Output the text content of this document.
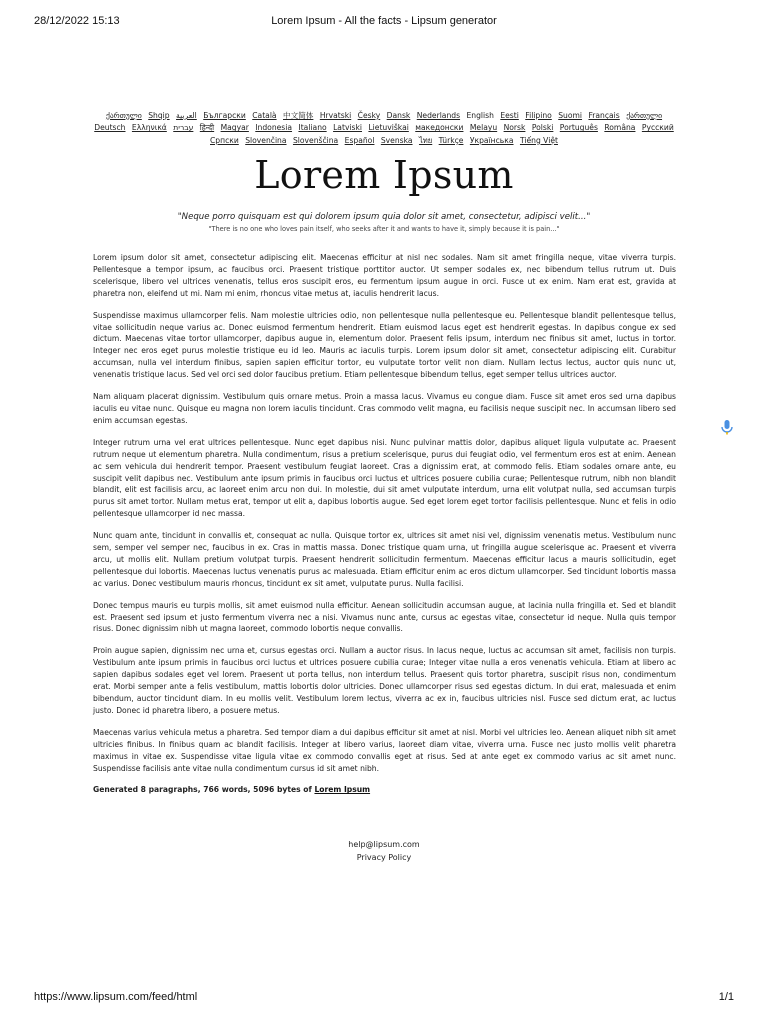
28/12/2022 15:13	Lorem Ipsum - All the facts - Lipsum generator
ქართული Shqip العربية Български Català 中文简体 Hrvatski Česky Dansk Nederlands English Eesti Filipino Suomi Français ქართული Deutsch Ελληνικά עברית हिन्दी Magyar Indonesia Italiano Latviski Lietuviškai македонски Melayu Norsk Polski Português Româna Pyccкий Српски Slovenčina Slovenščina Español Svenska ไทย Türkçe Українська Tiếng Việt
Lorem Ipsum
"Neque porro quisquam est qui dolorem ipsum quia dolor sit amet, consectetur, adipisci velit..."
"There is no one who loves pain itself, who seeks after it and wants to have it, simply because it is pain..."

Lorem ipsum dolor sit amet, consectetur adipiscing elit. Maecenas efficitur at nisl nec sodales. Nam sit amet fringilla neque, vitae viverra turpis. Pellentesque a tempor ipsum, ac faucibus orci. Praesent tristique porttitor auctor. Ut semper sodales ex, nec bibendum tellus rutrum ut. Duis scelerisque, libero vel ultrices venenatis, tellus eros suscipit eros, eu fermentum ipsum augue in orci. Fusce ut ex enim. Nam erat est, gravida at pharetra non, eleifend ut mi. Nam mi enim, rhoncus vitae metus at, iaculis hendrerit lacus.

Suspendisse maximus ullamcorper felis. Nam molestie ultricies odio, non pellentesque nulla pellentesque eu. Pellentesque blandit pellentesque tellus, vitae sollicitudin neque varius ac. Donec euismod fermentum hendrerit. Etiam euismod lacus eget est hendrerit egestas. In dapibus congue ex sed dictum. Maecenas vitae tortor ullamcorper, dapibus augue in, elementum dolor. Praesent felis ipsum, interdum nec finibus sit amet, luctus in tortor. Integer nec eros eget purus molestie tristique eu id leo. Mauris ac iaculis turpis. Lorem ipsum dolor sit amet, consectetur adipiscing elit. Curabitur accumsan, nulla vel interdum finibus, sapien sapien efficitur tortor, eu vulputate tortor velit non diam. Nullam lectus lectus, auctor quis nunc ut, venenatis tristique lacus. Sed vel orci sed dolor faucibus pretium. Etiam pellentesque bibendum tellus, eget semper tellus ultrices auctor.

Nam aliquam placerat dignissim. Vestibulum quis ornare metus. Proin a massa lacus. Vivamus eu congue diam. Fusce sit amet eros sed urna dapibus iaculis eu vitae nunc. Quisque eu magna non lorem iaculis tincidunt. Cras commodo velit magna, eu facilisis neque suscipit nec. In accumsan libero sed enim accumsan egestas.

Integer rutrum urna vel erat ultrices pellentesque. Nunc eget dapibus nisi. Nunc pulvinar mattis dolor, dapibus aliquet ligula vulputate ac. Praesent rutrum neque ut elementum pharetra. Nulla condimentum, risus a pretium scelerisque, purus dui feugiat odio, vel fermentum eros est at enim. Aenean ac sem vehicula dui hendrerit tempor. Praesent vestibulum feugiat laoreet. Cras a dignissim erat, at commodo felis. Etiam sodales ornare ante, eu suscipit velit dapibus nec. Vestibulum ante ipsum primis in faucibus orci luctus et ultrices posuere cubilia curae; Pellentesque rutrum, nibh non blandit blandit, elit est facilisis arcu, ac laoreet enim arcu non dui. In molestie, dui sit amet vulputate interdum, urna elit volutpat nulla, sed accumsan turpis purus sit amet tortor. Nullam metus erat, tempor ut elit a, dapibus lobortis augue. Sed eget lorem eget tortor facilisis pellentesque. Nunc et felis in odio pellentesque ullamcorper id nec massa.

Nunc quam ante, tincidunt in convallis et, consequat ac nulla. Quisque tortor ex, ultrices sit amet nisi vel, dignissim venenatis metus. Vestibulum nunc sem, semper vel semper nec, faucibus in ex. Cras in mattis massa. Donec tristique quam urna, ut fringilla augue scelerisque ac. Praesent et viverra arcu, ut mollis elit. Nullam pretium volutpat turpis. Praesent hendrerit sollicitudin fermentum. Maecenas efficitur lacus a mauris sollicitudin, eget pellentesque dui lobortis. Maecenas luctus venenatis purus ac malesuada. Etiam efficitur enim ac eros dictum ullamcorper. Sed tincidunt lobortis massa ac varius. Donec vestibulum mauris rhoncus, tincidunt ex sit amet, vulputate purus. Nulla facilisi.

Donec tempus mauris eu turpis mollis, sit amet euismod nulla efficitur. Aenean sollicitudin accumsan augue, at lacinia nulla fringilla et. Sed et blandit est. Praesent sed ipsum et justo fermentum viverra nec a nisi. Vivamus nunc ante, cursus ac egestas vitae, consectetur id neque. Nulla quis tempor risus. Donec dignissim nibh ut magna laoreet, commodo lobortis neque convallis.

Proin augue sapien, dignissim nec urna et, cursus egestas orci. Nullam a auctor risus. In lacus neque, luctus ac accumsan sit amet, facilisis non turpis. Vestibulum ante ipsum primis in faucibus orci luctus et ultrices posuere cubilia curae; Integer vitae nulla a eros venenatis vehicula. Etiam at libero ac sapien dapibus sodales eget vel lorem. Praesent ut porta tellus, non interdum tellus. Praesent quis tortor pharetra, suscipit risus non, condimentum erat. Morbi semper ante a felis vestibulum, mattis lobortis dolor ultricies. Donec ullamcorper risus sed egestas dictum. In dui erat, malesuada et enim bibendum, auctor tincidunt diam. In eu mollis velit. Vestibulum lorem lectus, viverra ac ex in, faucibus ultricies nisl. Fusce sed dictum erat, ac luctus justo. Donec id pharetra libero, a posuere metus.

Maecenas varius vehicula metus a pharetra. Sed tempor diam a dui dapibus efficitur sit amet at nisl. Morbi vel ultricies leo. Aenean aliquet nibh sit amet ultricies finibus. In finibus quam ac blandit facilisis. Integer at libero varius, laoreet diam vitae, viverra urna. Fusce nec justo mollis velit pharetra maximus in vitae ex. Suspendisse vitae ligula vitae ex commodo convallis eget at risus. Sed at ante eget ex commodo varius ac sit amet nunc. Suspendisse facilisis ante vitae nulla condimentum cursus id sit amet nibh.

Generated 8 paragraphs, 766 words, 5096 bytes of Lorem Ipsum
help@lipsum.com
Privacy Policy
https://www.lipsum.com/feed/html	1/1
